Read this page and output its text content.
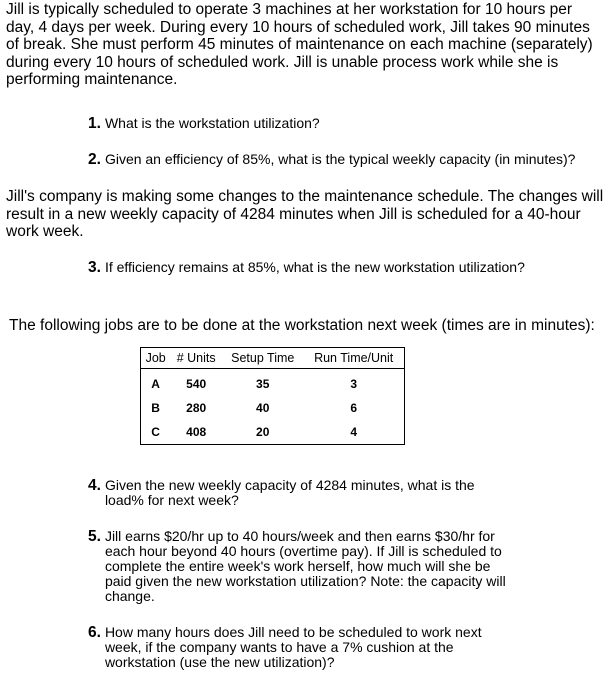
Jill is typically scheduled to operate 3 machines at her workstation for 10 hours per day, 4 days per week. During every 10 hours of scheduled work, Jill takes 90 minutes of break. She must perform 45 minutes of maintenance on each machine (separately) during every 10 hours of scheduled work. Jill is unable process work while she is performing maintenance.
1. What is the workstation utilization?
2. Given an efficiency of 85%, what is the typical weekly capacity (in minutes)?
Jill's company is making some changes to the maintenance schedule. The changes will result in a new weekly capacity of 4284 minutes when Jill is scheduled for a 40-hour work week.
3. If efficiency remains at 85%, what is the new workstation utilization?
The following jobs are to be done at the workstation next week (times are in minutes):
Job	# Units	Setup Time	Run Time/Unit
A	540	35	3
B	280	40	6
C	408	20	4
4. Given the new weekly capacity of 4284 minutes, what is the load% for next week?
5. Jill earns $20/hr up to 40 hours/week and then earns $30/hr for each hour beyond 40 hours (overtime pay). If Jill is scheduled to complete the entire week's work herself, how much will she be paid given the new workstation utilization? Note: the capacity will change.
6. How many hours does Jill need to be scheduled to work next week, if the company wants to have a 7% cushion at the workstation (use the new utilization)?
